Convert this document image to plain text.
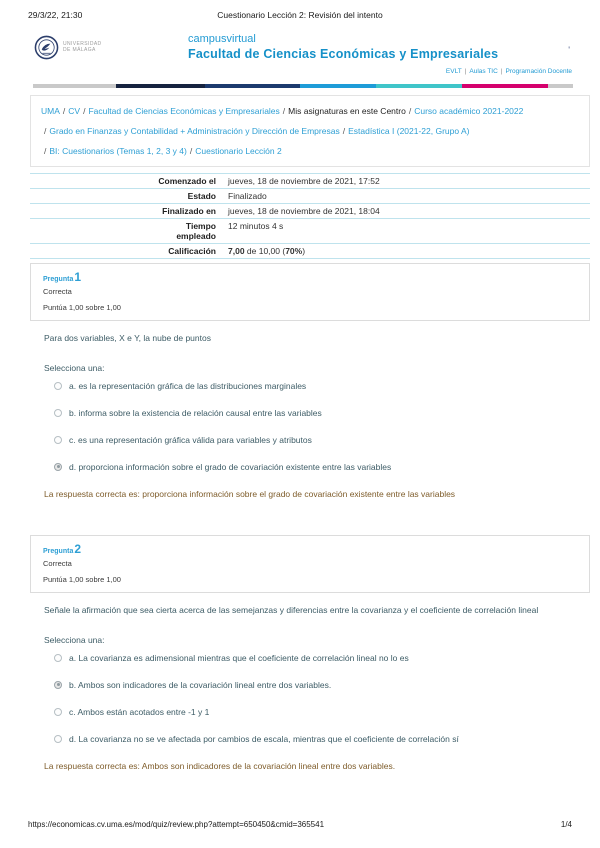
29/3/22, 21:30	Cuestionario Lección 2: Revisión del intento
UNIVERSIDAD
DE MÁLAGA
campusvirtual
Facultad de Ciencias Económicas y Empresariales	'
EVLT | Aulas TIC | Programación Docente
UMA / CV / Facultad de Ciencias Económicas y Empresariales / Mis asignaturas en este Centro / Curso académico 2021-2022
/ Grado en Finanzas y Contabilidad + Administración y Dirección de Empresas / Estadística I (2021-22, Grupo A)
/ BI: Cuestionarios (Temas 1, 2, 3 y 4) / Cuestionario Lección 2
Comenzado el	jueves, 18 de noviembre de 2021, 17:52
Estado	Finalizado
Finalizado en	jueves, 18 de noviembre de 2021, 18:04
Tiempo empleado
12 minutos 4 s
Calificación	7,00 de 10,00 (70%)
Pregunta1
Correcta
Puntúa 1,00 sobre 1,00
Para dos variables, X e Y, la nube de puntos
Selecciona una:
a. es la representación gráfica de las distribuciones marginales
b. informa sobre la existencia de relación causal entre las variables
c. es una representación gráfica válida para variables y atributos
d. proporciona información sobre el grado de covariación existente entre las variables
La respuesta correcta es: proporciona información sobre el grado de covariación existente entre las variables
Pregunta2
Correcta
Puntúa 1,00 sobre 1,00
Señale la afirmación que sea cierta acerca de las semejanzas y diferencias entre la covarianza y el coeficiente de correlación lineal
Selecciona una:
a. La covarianza es adimensional mientras que el coeficiente de correlación lineal no lo es
b. Ambos son indicadores de la covariación lineal entre dos variables.
c. Ambos están acotados entre -1 y 1
d. La covarianza no se ve afectada por cambios de escala, mientras que el coeficiente de correlación sí
La respuesta correcta es: Ambos son indicadores de la covariación lineal entre dos variables.
https://economicas.cv.uma.es/mod/quiz/review.php?attempt=650450&cmid=365541	1/4
